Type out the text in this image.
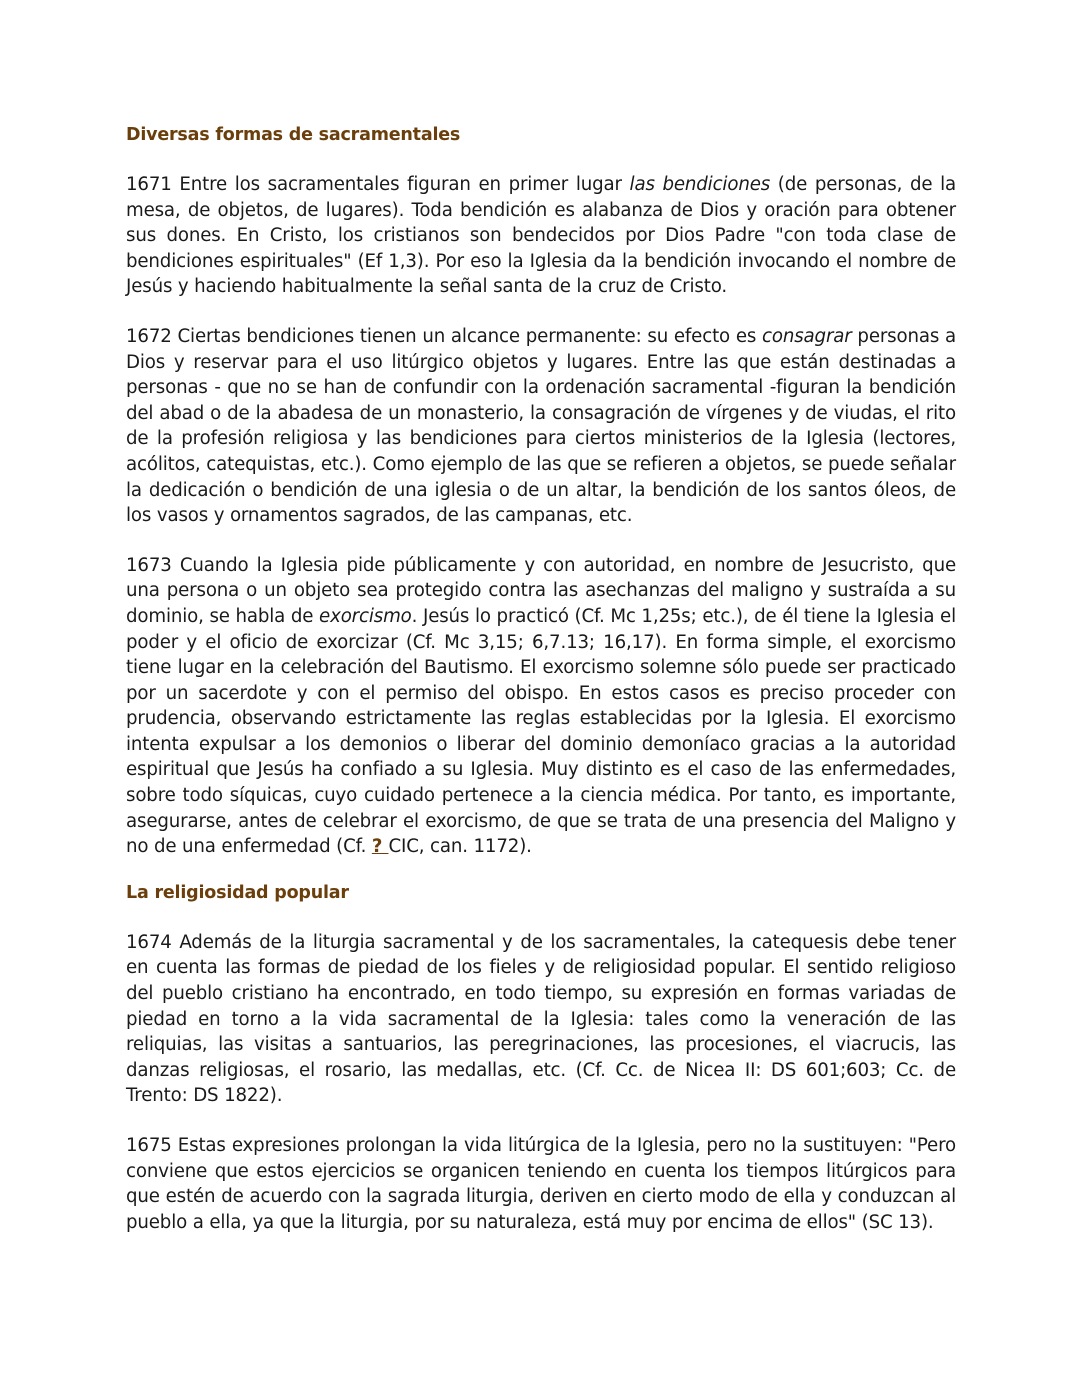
Diversas formas de sacramentales

1671 Entre los sacramentales figuran en primer lugar las bendiciones (de personas, de la mesa, de objetos, de lugares). Toda bendición es alabanza de Dios y oración para obtener sus dones. En Cristo, los cristianos son bendecidos por Dios Padre "con toda clase de bendiciones espirituales" (Ef 1,3). Por eso la Iglesia da la bendición invocando el nombre de Jesús y haciendo habitualmente la señal santa de la cruz de Cristo.

1672 Ciertas bendiciones tienen un alcance permanente: su efecto es consagrar personas a Dios y reservar para el uso litúrgico objetos y lugares. Entre las que están destinadas a personas - que no se han de confundir con la ordenación sacramental -figuran la bendición del abad o de la abadesa de un monasterio, la consagración de vírgenes y de viudas, el rito de la profesión religiosa y las bendiciones para ciertos ministerios de la Iglesia (lectores, acólitos, catequistas, etc.). Como ejemplo de las que se refieren a objetos, se puede señalar la dedicación o bendición de una iglesia o de un altar, la bendición de los santos óleos, de los vasos y ornamentos sagrados, de las campanas, etc.

1673 Cuando la Iglesia pide públicamente y con autoridad, en nombre de Jesucristo, que una persona o un objeto sea protegido contra las asechanzas del maligno y sustraída a su dominio, se habla de exorcismo. Jesús lo practicó (Cf. Mc 1,25s; etc.), de él tiene la Iglesia el poder y el oficio de exorcizar (Cf. Mc 3,15; 6,7.13; 16,17). En forma simple, el exorcismo tiene lugar en la celebración del Bautismo. El exorcismo solemne sólo puede ser practicado por un sacerdote y con el permiso del obispo. En estos casos es preciso proceder con prudencia, observando estrictamente las reglas establecidas por la Iglesia. El exorcismo intenta expulsar a los demonios o liberar del dominio demoníaco gracias a la autoridad espiritual que Jesús ha confiado a su Iglesia. Muy distinto es el caso de las enfermedades, sobre todo síquicas, cuyo cuidado pertenece a la ciencia médica. Por tanto, es importante, asegurarse, antes de celebrar el exorcismo, de que se trata de una presencia del Maligno y no de una enfermedad (Cf. ? CIC, can. 1172).

La religiosidad popular

1674 Además de la liturgia sacramental y de los sacramentales, la catequesis debe tener en cuenta las formas de piedad de los fieles y de religiosidad popular. El sentido religioso del pueblo cristiano ha encontrado, en todo tiempo, su expresión en formas variadas de piedad en torno a la vida sacramental de la Iglesia: tales como la veneración de las reliquias, las visitas a santuarios, las peregrinaciones, las procesiones, el viacrucis, las danzas religiosas, el rosario, las medallas, etc. (Cf. Cc. de Nicea II: DS 601;603; Cc. de Trento: DS 1822).

1675 Estas expresiones prolongan la vida litúrgica de la Iglesia, pero no la sustituyen: "Pero conviene que estos ejercicios se organicen teniendo en cuenta los tiempos litúrgicos para que estén de acuerdo con la sagrada liturgia, deriven en cierto modo de ella y conduzcan al pueblo a ella, ya que la liturgia, por su naturaleza, está muy por encima de ellos" (SC 13).
